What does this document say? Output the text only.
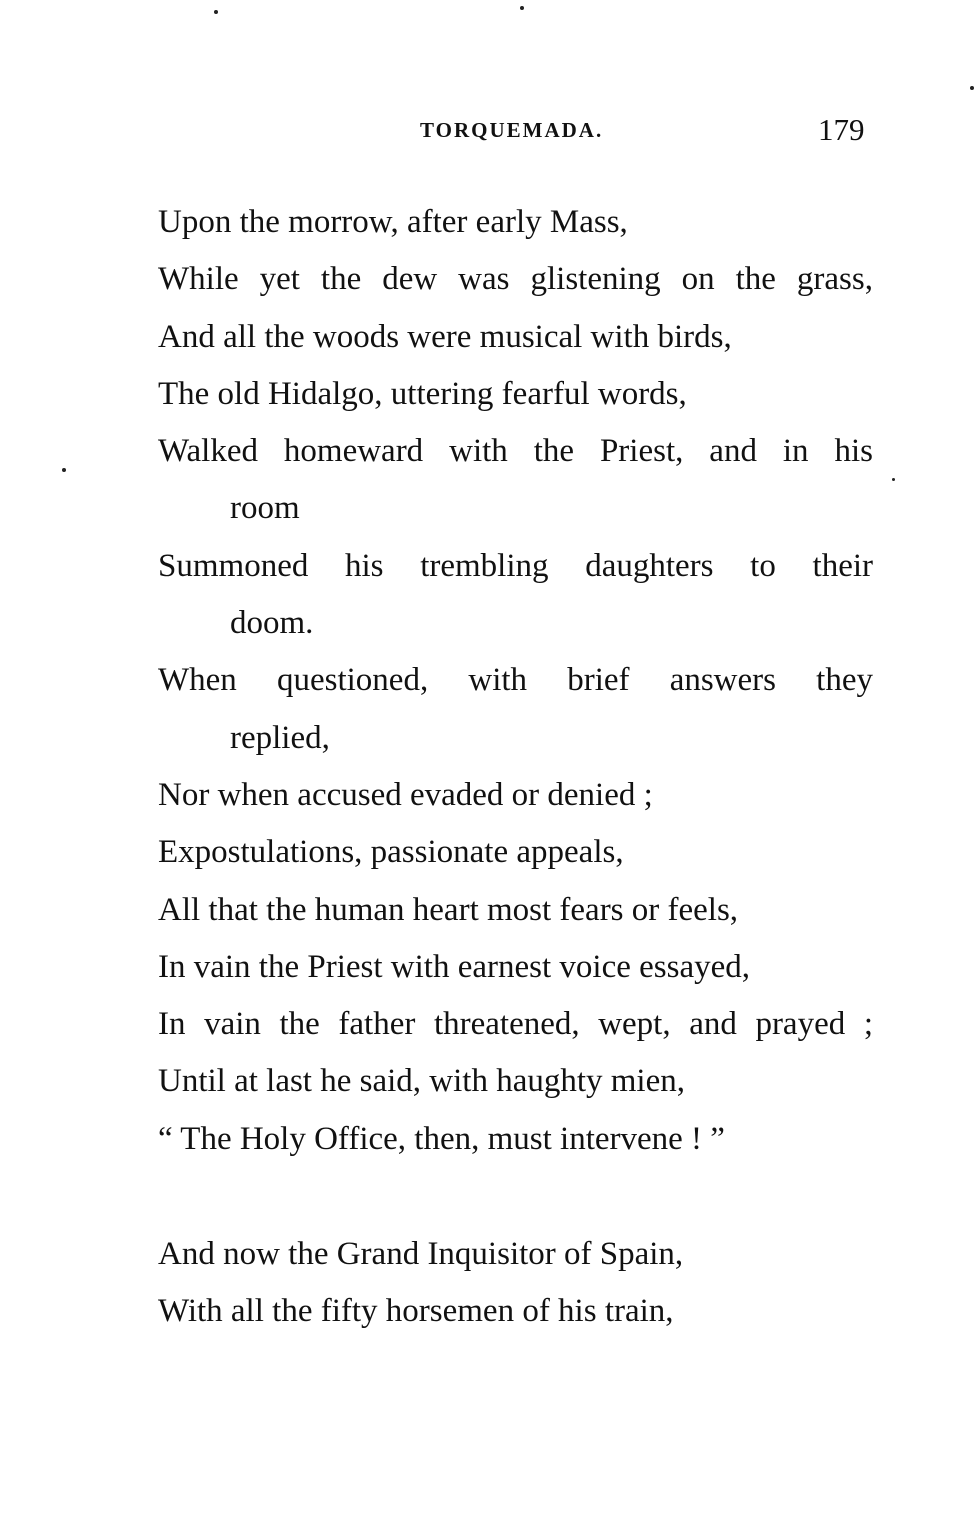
TORQUEMADA.	179
Upon the morrow, after early Mass,
While yet the dew was glistening on the grass,
And all the woods were musical with birds,
The old Hidalgo, uttering fearful words,
Walked homeward with the Priest, and in his
room
Summoned his trembling daughters to their
doom.
When questioned, with brief answers they
replied,
Nor when accused evaded or denied ;
Expostulations, passionate appeals,
All that the human heart most fears or feels,
In vain the Priest with earnest voice essayed,
In vain the father threatened, wept, and prayed ;
Until at last he said, with haughty mien,
“ The Holy Office, then, must intervene ! ”
And now the Grand Inquisitor of Spain,
With all the fifty horsemen of his train,
